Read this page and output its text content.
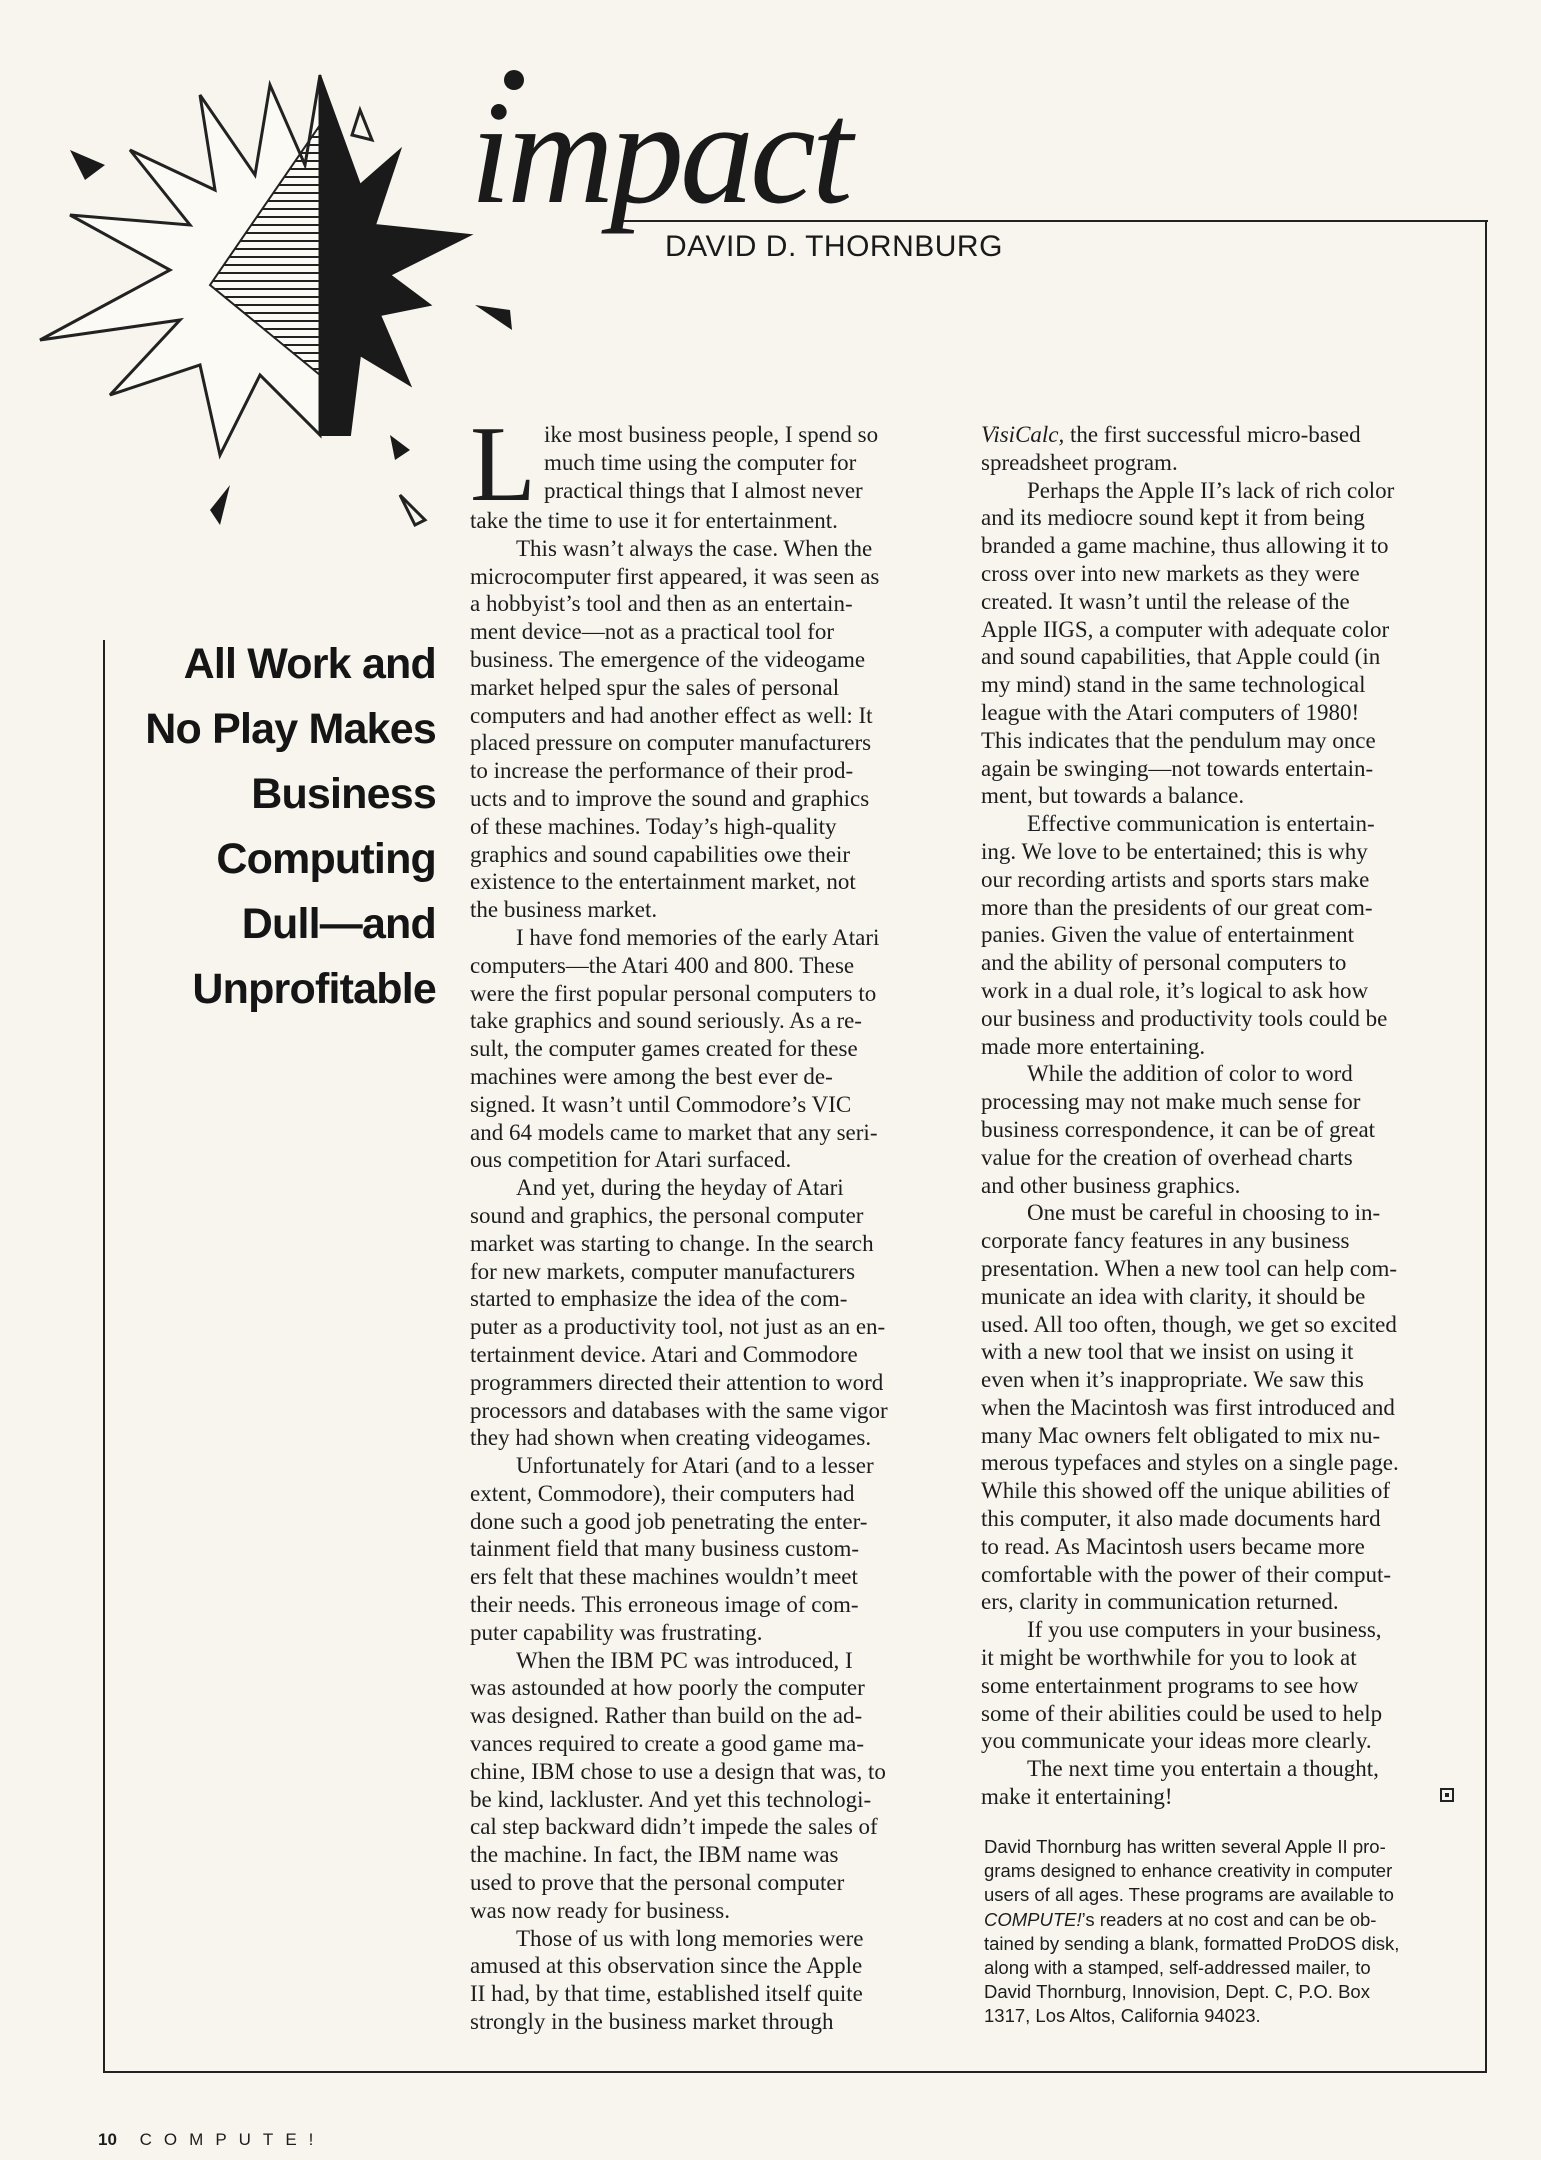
impact
DAVID D. THORNBURG
All Work and
No Play Makes
Business
Computing
Dull—and
Unprofitable
L ike most business people, I spend so
much time using the computer for
practical things that I almost never
take the time to use it for entertainment.
This wasn’t always the case. When the
microcomputer first appeared, it was seen as
a hobbyist’s tool and then as an entertain-
ment device—not as a practical tool for
business. The emergence of the videogame
market helped spur the sales of personal
computers and had another effect as well: It
placed pressure on computer manufacturers
to increase the performance of their prod-
ucts and to improve the sound and graphics
of these machines. Today’s high-quality
graphics and sound capabilities owe their
existence to the entertainment market, not
the business market.
I have fond memories of the early Atari
computers—the Atari 400 and 800. These
were the first popular personal computers to
take graphics and sound seriously. As a re-
sult, the computer games created for these
machines were among the best ever de-
signed. It wasn’t until Commodore’s VIC
and 64 models came to market that any seri-
ous competition for Atari surfaced.
And yet, during the heyday of Atari
sound and graphics, the personal computer
market was starting to change. In the search
for new markets, computer manufacturers
started to emphasize the idea of the com-
puter as a productivity tool, not just as an en-
tertainment device. Atari and Commodore
programmers directed their attention to word
processors and databases with the same vigor
they had shown when creating videogames.
Unfortunately for Atari (and to a lesser
extent, Commodore), their computers had
done such a good job penetrating the enter-
tainment field that many business custom-
ers felt that these machines wouldn’t meet
their needs. This erroneous image of com-
puter capability was frustrating.
When the IBM PC was introduced, I
was astounded at how poorly the computer
was designed. Rather than build on the ad-
vances required to create a good game ma-
chine, IBM chose to use a design that was, to
be kind, lackluster. And yet this technologi-
cal step backward didn’t impede the sales of
the machine. In fact, the IBM name was
used to prove that the personal computer
was now ready for business.
Those of us with long memories were
amused at this observation since the Apple
II had, by that time, established itself quite
strongly in the business market through
VisiCalc, the first successful micro-based
spreadsheet program.
Perhaps the Apple II’s lack of rich color
and its mediocre sound kept it from being
branded a game machine, thus allowing it to
cross over into new markets as they were
created. It wasn’t until the release of the
Apple IIGS, a computer with adequate color
and sound capabilities, that Apple could (in
my mind) stand in the same technological
league with the Atari computers of 1980!
This indicates that the pendulum may once
again be swinging—not towards entertain-
ment, but towards a balance.
Effective communication is entertain-
ing. We love to be entertained; this is why
our recording artists and sports stars make
more than the presidents of our great com-
panies. Given the value of entertainment
and the ability of personal computers to
work in a dual role, it’s logical to ask how
our business and productivity tools could be
made more entertaining.
While the addition of color to word
processing may not make much sense for
business correspondence, it can be of great
value for the creation of overhead charts
and other business graphics.
One must be careful in choosing to in-
corporate fancy features in any business
presentation. When a new tool can help com-
municate an idea with clarity, it should be
used. All too often, though, we get so excited
with a new tool that we insist on using it
even when it’s inappropriate. We saw this
when the Macintosh was first introduced and
many Mac owners felt obligated to mix nu-
merous typefaces and styles on a single page.
While this showed off the unique abilities of
this computer, it also made documents hard
to read. As Macintosh users became more
comfortable with the power of their comput-
ers, clarity in communication returned.
If you use computers in your business,
it might be worthwhile for you to look at
some entertainment programs to see how
some of their abilities could be used to help
you communicate your ideas more clearly.
The next time you entertain a thought,
make it entertaining!
David Thornburg has written several Apple II pro-
grams designed to enhance creativity in computer
users of all ages. These programs are available to
COMPUTE!’s readers at no cost and can be ob-
tained by sending a blank, formatted ProDOS disk,
along with a stamped, self-addressed mailer, to
David Thornburg, Innovision, Dept. C, P.O. Box
1317, Los Altos, California 94023.
10 COMPUTE!
